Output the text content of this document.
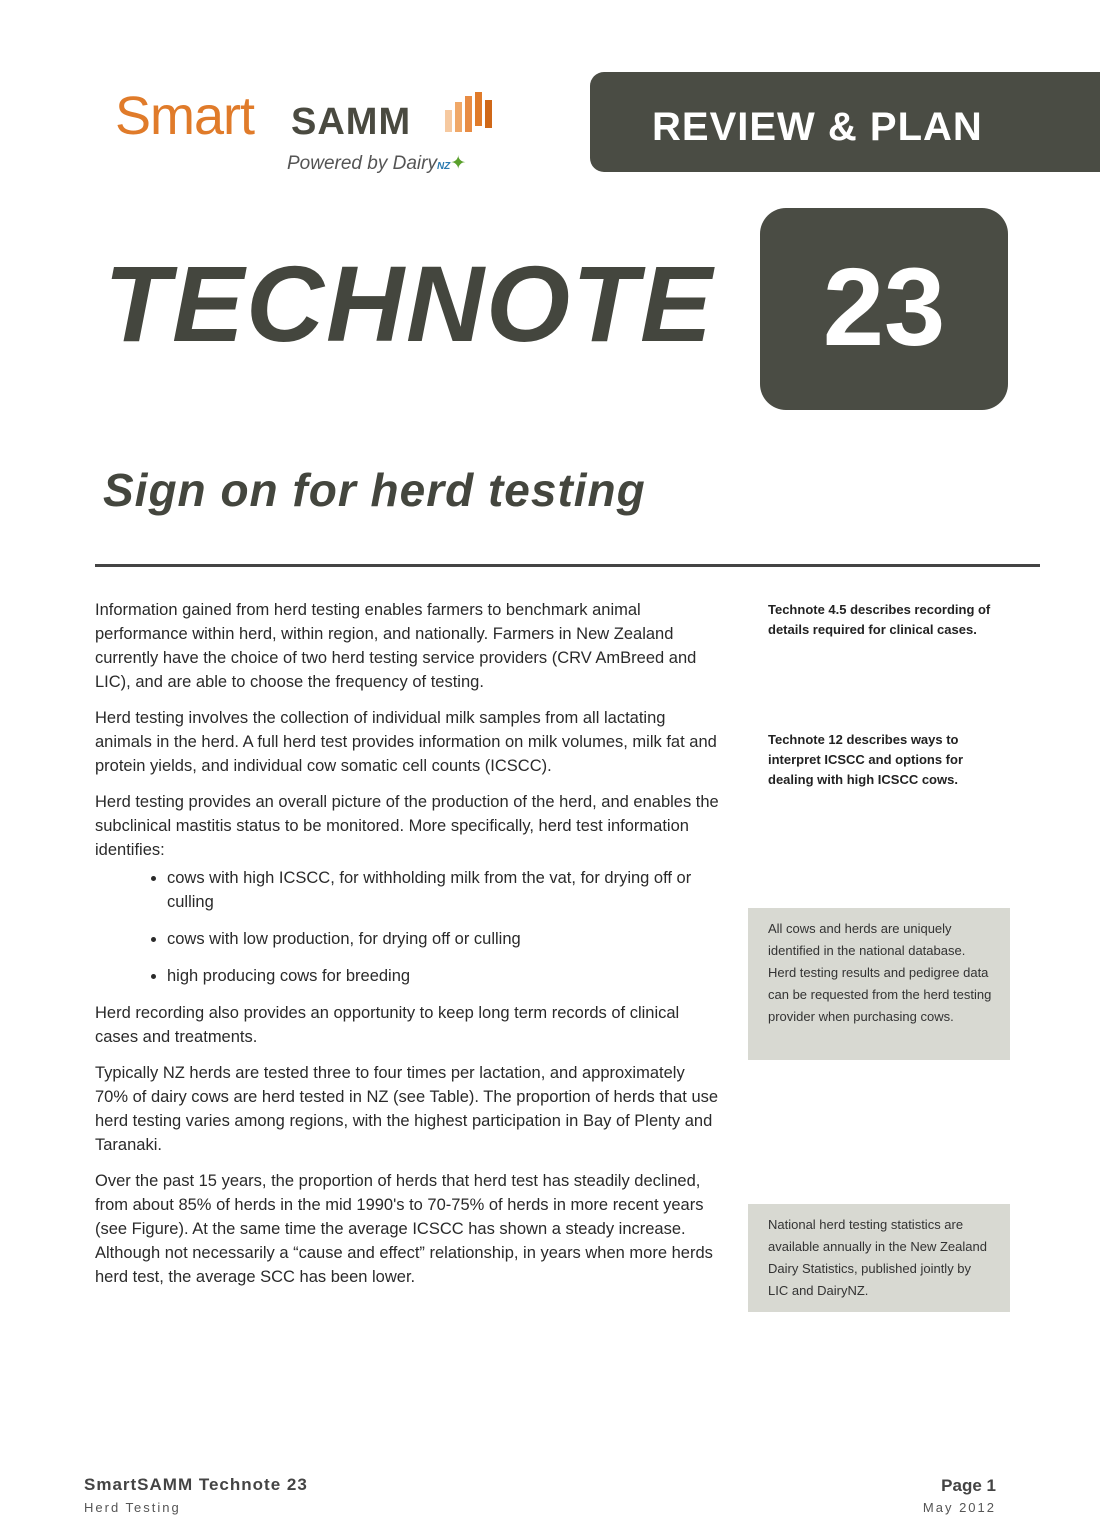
Smart SAMM
Powered by DairyNZ✦
REVIEW & PLAN
TECHNOTE 23
Sign on for herd testing

Information gained from herd testing enables farmers to benchmark animal performance within herd, within region, and nationally. Farmers in New Zealand currently have the choice of two herd testing service providers (CRV AmBreed and LIC), and are able to choose the frequency of testing.

Herd testing involves the collection of individual milk samples from all lactating animals in the herd. A full herd test provides information on milk volumes, milk fat and protein yields, and individual cow somatic cell counts (ICSCC).

Herd testing provides an overall picture of the production of the herd, and enables the subclinical mastitis status to be monitored. More specifically, herd test information identifies:

• cows with high ICSCC, for withholding milk from the vat, for drying off or culling
• cows with low production, for drying off or culling
• high producing cows for breeding

Herd recording also provides an opportunity to keep long term records of clinical cases and treatments.

Typically NZ herds are tested three to four times per lactation, and approximately 70% of dairy cows are herd tested in NZ (see Table). The proportion of herds that use herd testing varies among regions, with the highest participation in Bay of Plenty and Taranaki.

Over the past 15 years, the proportion of herds that herd test has steadily declined, from about 85% of herds in the mid 1990's to 70-75% of herds in more recent years (see Figure). At the same time the average ICSCC has shown a steady increase. Although not necessarily a “cause and effect” relationship, in years when more herds herd test, the average SCC has been lower.

Technote 4.5 describes recording of details required for clinical cases.
Technote 12 describes ways to interpret ICSCC and options for dealing with high ICSCC cows.
All cows and herds are uniquely identified in the national database. Herd testing results and pedigree data can be requested from the herd testing provider when purchasing cows.
National herd testing statistics are available annually in the New Zealand Dairy Statistics, published jointly by LIC and DairyNZ.
SmartSAMM Technote 23
Herd Testing
Page 1
May 2012
